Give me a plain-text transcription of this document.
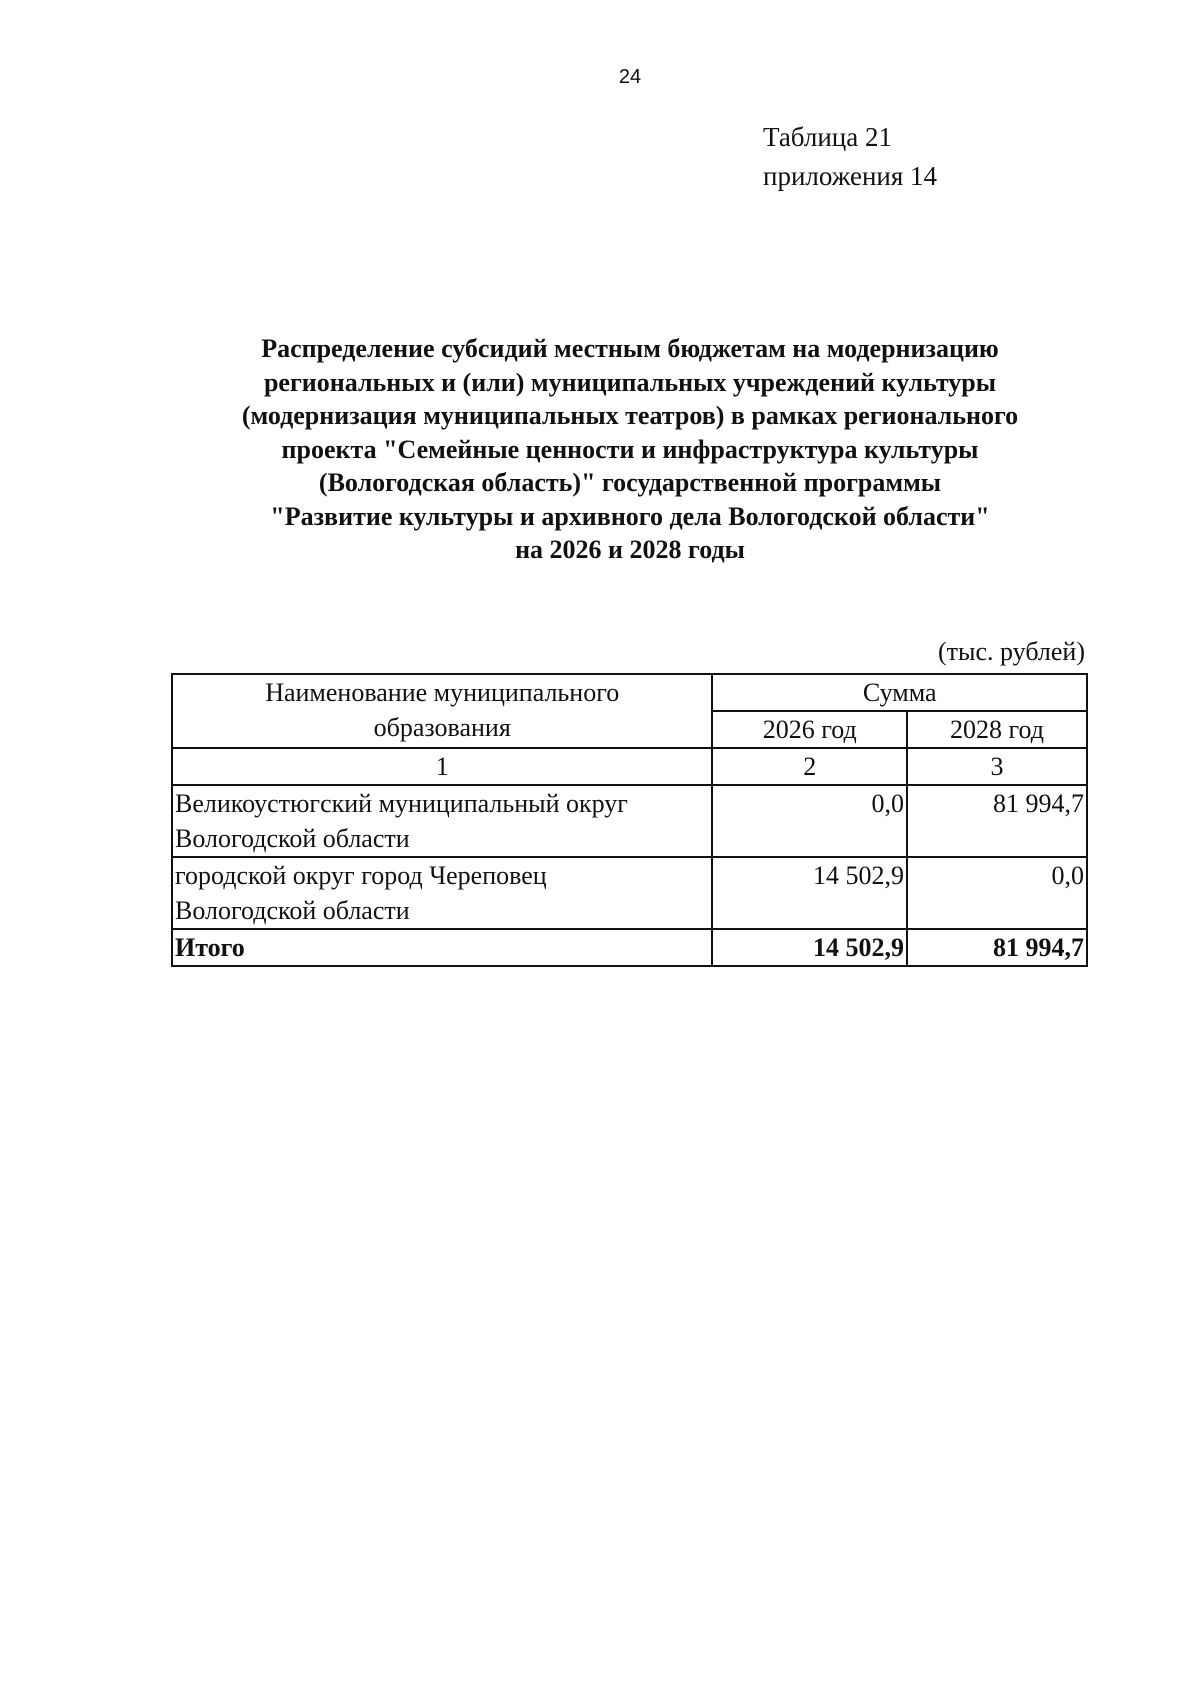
24
Таблица 21
приложения 14
Распределение субсидий местным бюджетам на модернизацию
региональных и (или) муниципальных учреждений культуры
(модернизация муниципальных театров) в рамках регионального
проекта "Семейные ценности и инфраструктура культуры
(Вологодская область)" государственной программы
"Развитие культуры и архивного дела Вологодской области"
на 2026 и 2028 годы
(тыс. рублей)
Наименование муниципального
образования	Сумма	
	2026 год	2028 год
1	2	3

Великоустюгский муниципальный округ
Вологодской области	0,0	81 994,7

городской округ город Череповец
Вологодской области	14 502,9	0,0
Итого	14 502,9	81 994,7
